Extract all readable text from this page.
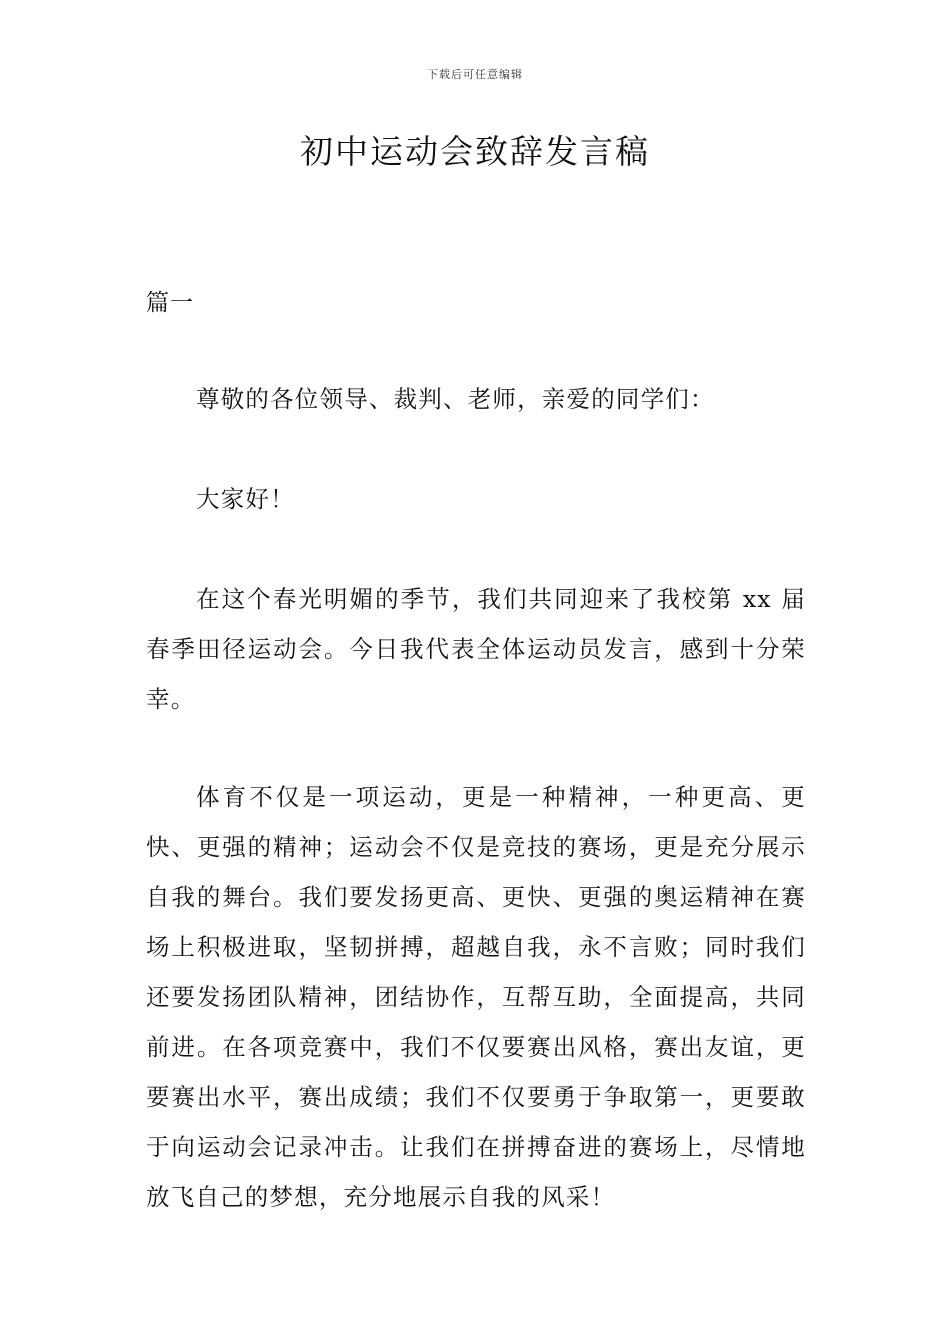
下载后可任意编辑
初中运动会致辞发言稿
篇一

尊敬的各位领导、裁判、老师，亲爱的同学们：

大家好！

在这个春光明媚的季节，我们共同迎来了我校第 xx 届春季田径运动会。今日我代表全体运动员发言，感到十分荣幸。

体育不仅是一项运动，更是一种精神，一种更高、更快、更强的精神；运动会不仅是竞技的赛场，更是充分展示自我的舞台。我们要发扬更高、更快、更强的奥运精神在赛场上积极进取，坚韧拼搏，超越自我，永不言败；同时我们还要发扬团队精神，团结协作，互帮互助，全面提高，共同前进。在各项竞赛中，我们不仅要赛出风格，赛出友谊，更要赛出水平，赛出成绩；我们不仅要勇于争取第一，更要敢于向运动会记录冲击。让我们在拼搏奋进的赛场上，尽情地放飞自己的梦想，充分地展示自我的风采！
